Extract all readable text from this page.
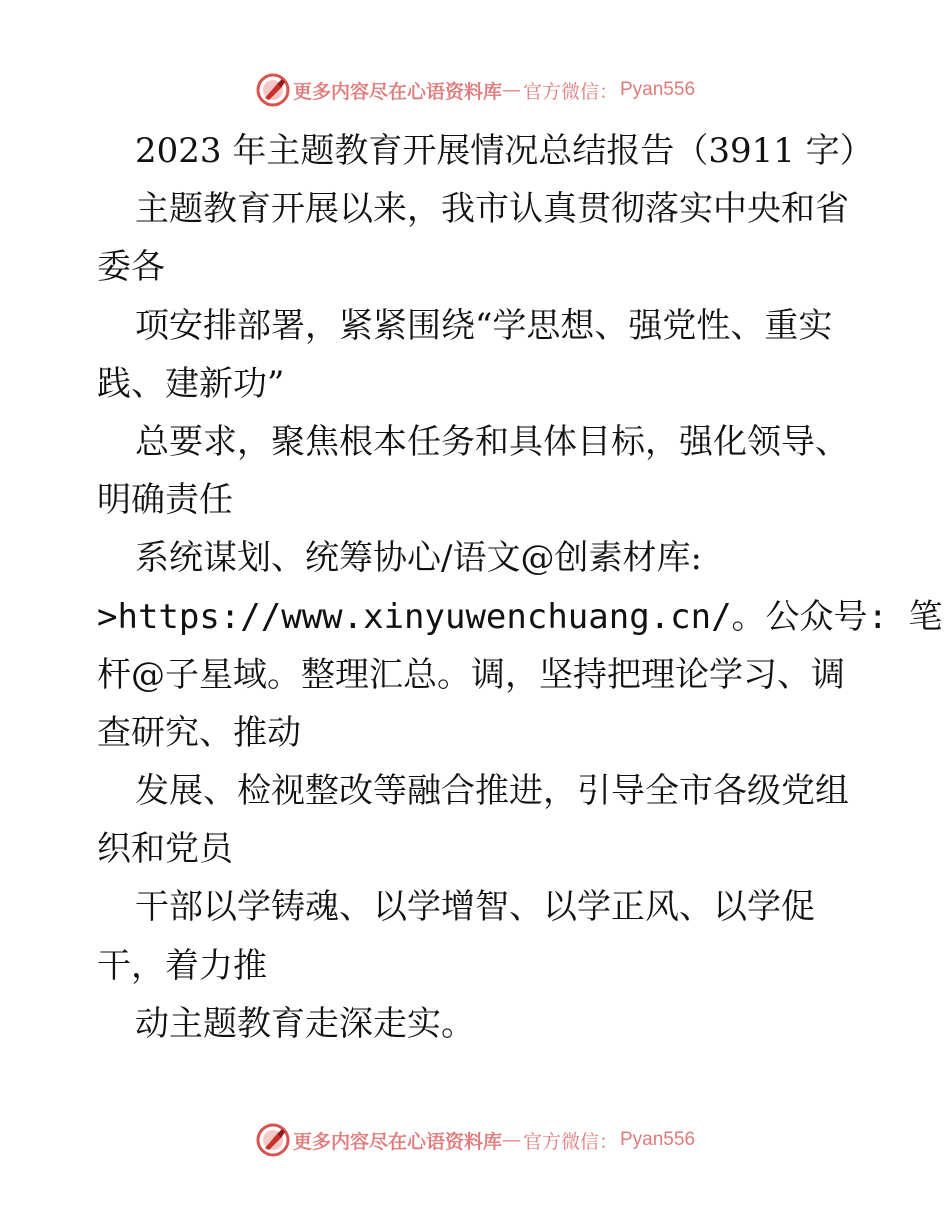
更多内容尽在心语资料库 — 官方微信： Pyan556
2023 年主题教育开展情况总结报告（3911 字）
主题教育开展以来，我市认真贯彻落实中央和省
委各
项安排部署，紧紧围绕“学思想、强党性、重实
践、建新功”
总要求，聚焦根本任务和具体目标，强化领导、
明确责任
系统谋划、统筹协心/语文@创素材库:
>https://www.xinyuwenchuang.cn/。公众号: 笔
杆@子星域。整理汇总。调，坚持把理论学习、调
查研究、推动
发展、检视整改等融合推进，引导全市各级党组
织和党员
干部以学铸魂、以学增智、以学正风、以学促
干，着力推
动主题教育走深走实。
更多内容尽在心语资料库 — 官方微信： Pyan556
